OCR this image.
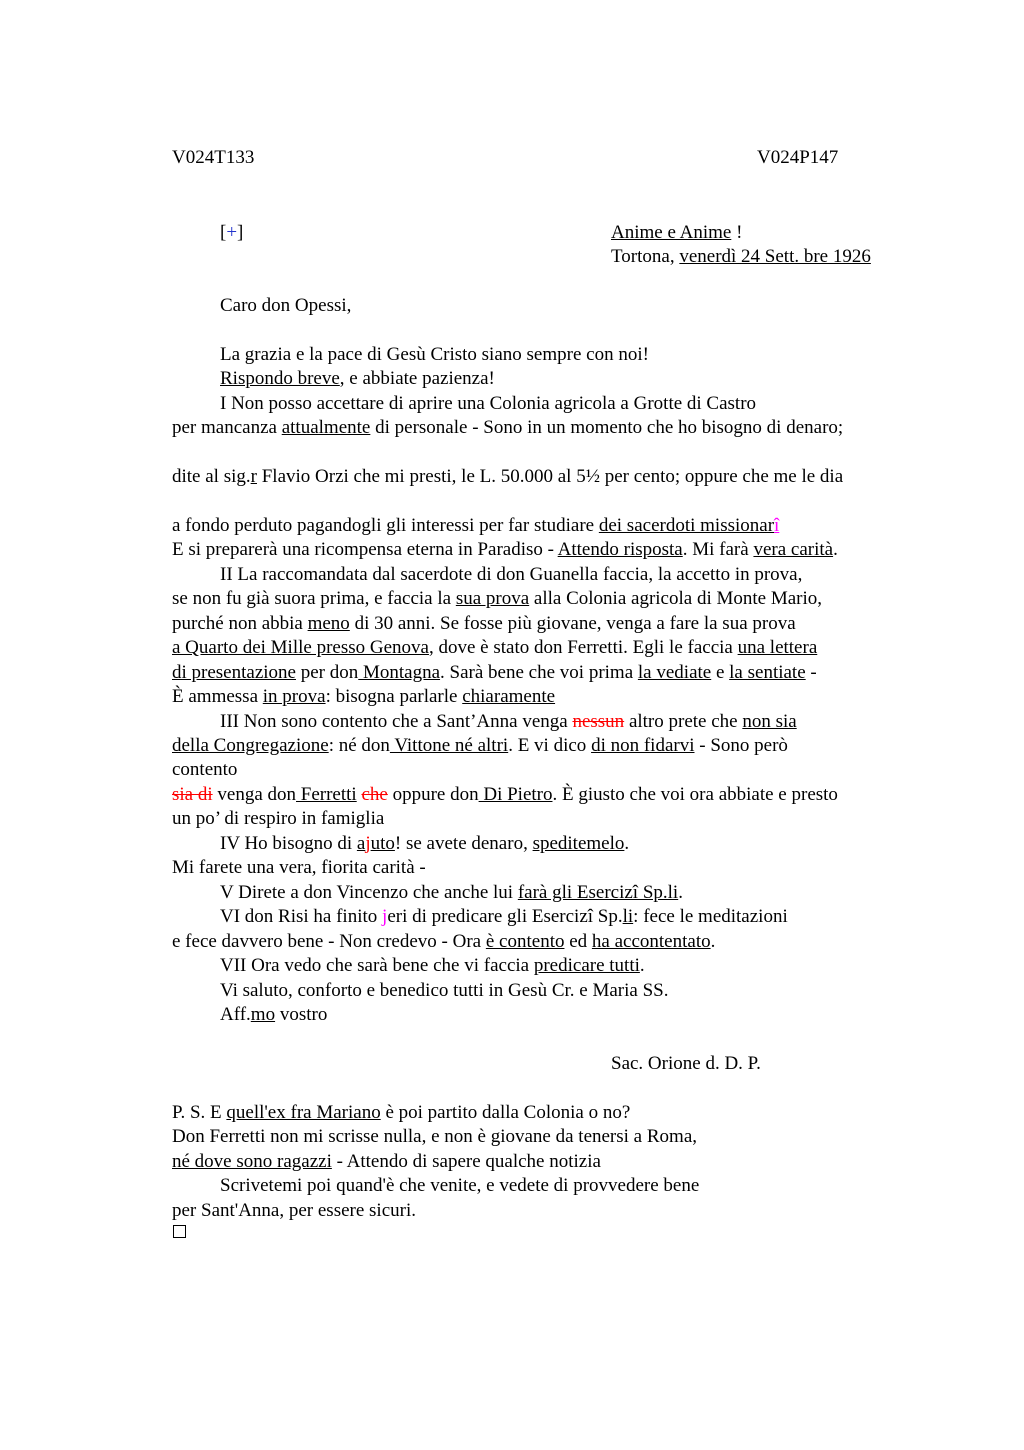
V024T133	V024P147
[+]	Anime e Anime !
Tortona, venerdì 24 Sett. bre 1926
Caro don Opessi,
La grazia e la pace di Gesù Cristo siano sempre con noi!
Rispondo breve, e abbiate pazienza!
I Non posso accettare di aprire una Colonia agricola a Grotte di Castro
per mancanza attualmente di personale - Sono in un momento che ho bisogno di denaro;
dite al sig.r Flavio Orzi che mi presti, le L. 50.000 al 5½ per cento; oppure che me le dia
a fondo perduto pagandogli gli interessi per far studiare dei sacerdoti missionarî
E si preparerà una ricompensa eterna in Paradiso - Attendo risposta. Mi farà vera carità.
II La raccomandata dal sacerdote di don Guanella faccia, la accetto in prova,
se non fu già suora prima, e faccia la sua prova alla Colonia agricola di Monte Mario,
purché non abbia meno di 30 anni. Se fosse più giovane, venga a fare la sua prova
a Quarto dei Mille presso Genova, dove è stato don Ferretti. Egli le faccia una lettera
di presentazione per don Montagna. Sarà bene che voi prima la vediate e la sentiate -
È ammessa in prova: bisogna parlarle chiaramente
III Non sono contento che a Sant’Anna venga nessun altro prete che non sia
della Congregazione: né don Vittone né altri. E vi dico di non fidarvi - Sono però
contento
sia di venga don Ferretti che oppure don Di Pietro. È giusto che voi ora abbiate e presto
un po’ di respiro in famiglia
IV Ho bisogno di ajuto! se avete denaro, speditemelo.
Mi farete una vera, fiorita carità -
V Direte a don Vincenzo che anche lui farà gli Esercizî Sp.li.
VI don Risi ha finito jeri di predicare gli Esercizî Sp.li: fece le meditazioni
e fece davvero bene - Non credevo - Ora è contento ed ha accontentato.
VII Ora vedo che sarà bene che vi faccia predicare tutti.
Vi saluto, conforto e benedico tutti in Gesù Cr. e Maria SS.
Aff.mo vostro
Sac. Orione d. D. P.
P. S. E quell'ex fra Mariano è poi partito dalla Colonia o no?
Don Ferretti non mi scrisse nulla, e non è giovane da tenersi a Roma,
né dove sono ragazzi - Attendo di sapere qualche notizia
Scrivetemi poi quand'è che venite, e vedete di provvedere bene
per Sant'Anna, per essere sicuri.
